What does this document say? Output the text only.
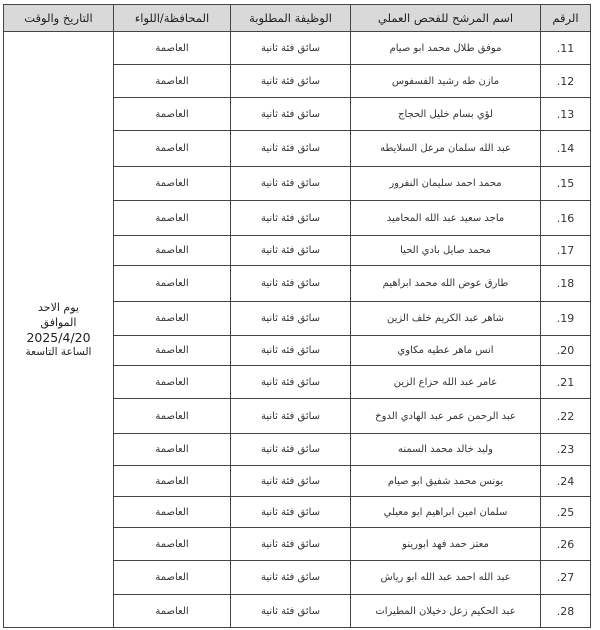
الرقم	اسم المرشح للفحص العملي	الوظيفة المطلوبة	المحافظة/اللواء	التاريخ والوقت
11.	موفق طلال محمد ابو صيام	سائق فئة ثانية	العاصمة	يوم الاحد
الموافق
2025/4/20
الساعة التاسعة

12.	مازن طه رشيد الفسفوس	سائق فئة ثانية	العاصمة	
13.	لؤي بسام خليل الحجاج	سائق فئة ثانية	العاصمة	
14.	عبد الله سلمان مرعل السلايطه	سائق فئة ثانية	العاصمة	
15.	محمد احمد سليمان النفرور	سائق فئة ثانية	العاصمة	
16.	ماجد سعيد عبد الله المحاميد	سائق فئة ثانية	العاصمة	
17.	محمد صايل بادي الحيا	سائق فئة ثانية	العاصمة	
18.	طارق عوض الله محمد ابراهيم	سائق فئة ثانية	العاصمة	
19.	شاهر عبد الكريم خلف الزين	سائق فئة ثانية	العاصمة	
20.	انس ماهر عطيه مكاوي	سائق فئه ثانية	العاصمة	
21.	عامر عبد الله حزاع الزين	سائق فئة ثانية	العاصمة	
22.	عبد الرحمن عمر عبد الهادي الدوخ	سائق فئة ثانية	العاصمة	
23.	وليد خالد محمد السمنه	سائق فئة ثانية	العاصمة	
24.	يونس محمد شفيق ابو صيام	سائق فئة ثانية	العاصمة	
25.	سلمان امين ابراهيم ابو معيلي	سائق فئة ثانية	العاصمة	
26.	معتز حمد فهد ابورينو	سائق فئة ثانية	العاصمة	
27.	عبد الله احمد عبد الله ابو رياش	سائق فئة ثانية	العاصمة	
28.	عبد الحكيم زعل دخيلان المطيرات	سائق فئة ثانية	العاصمة	
